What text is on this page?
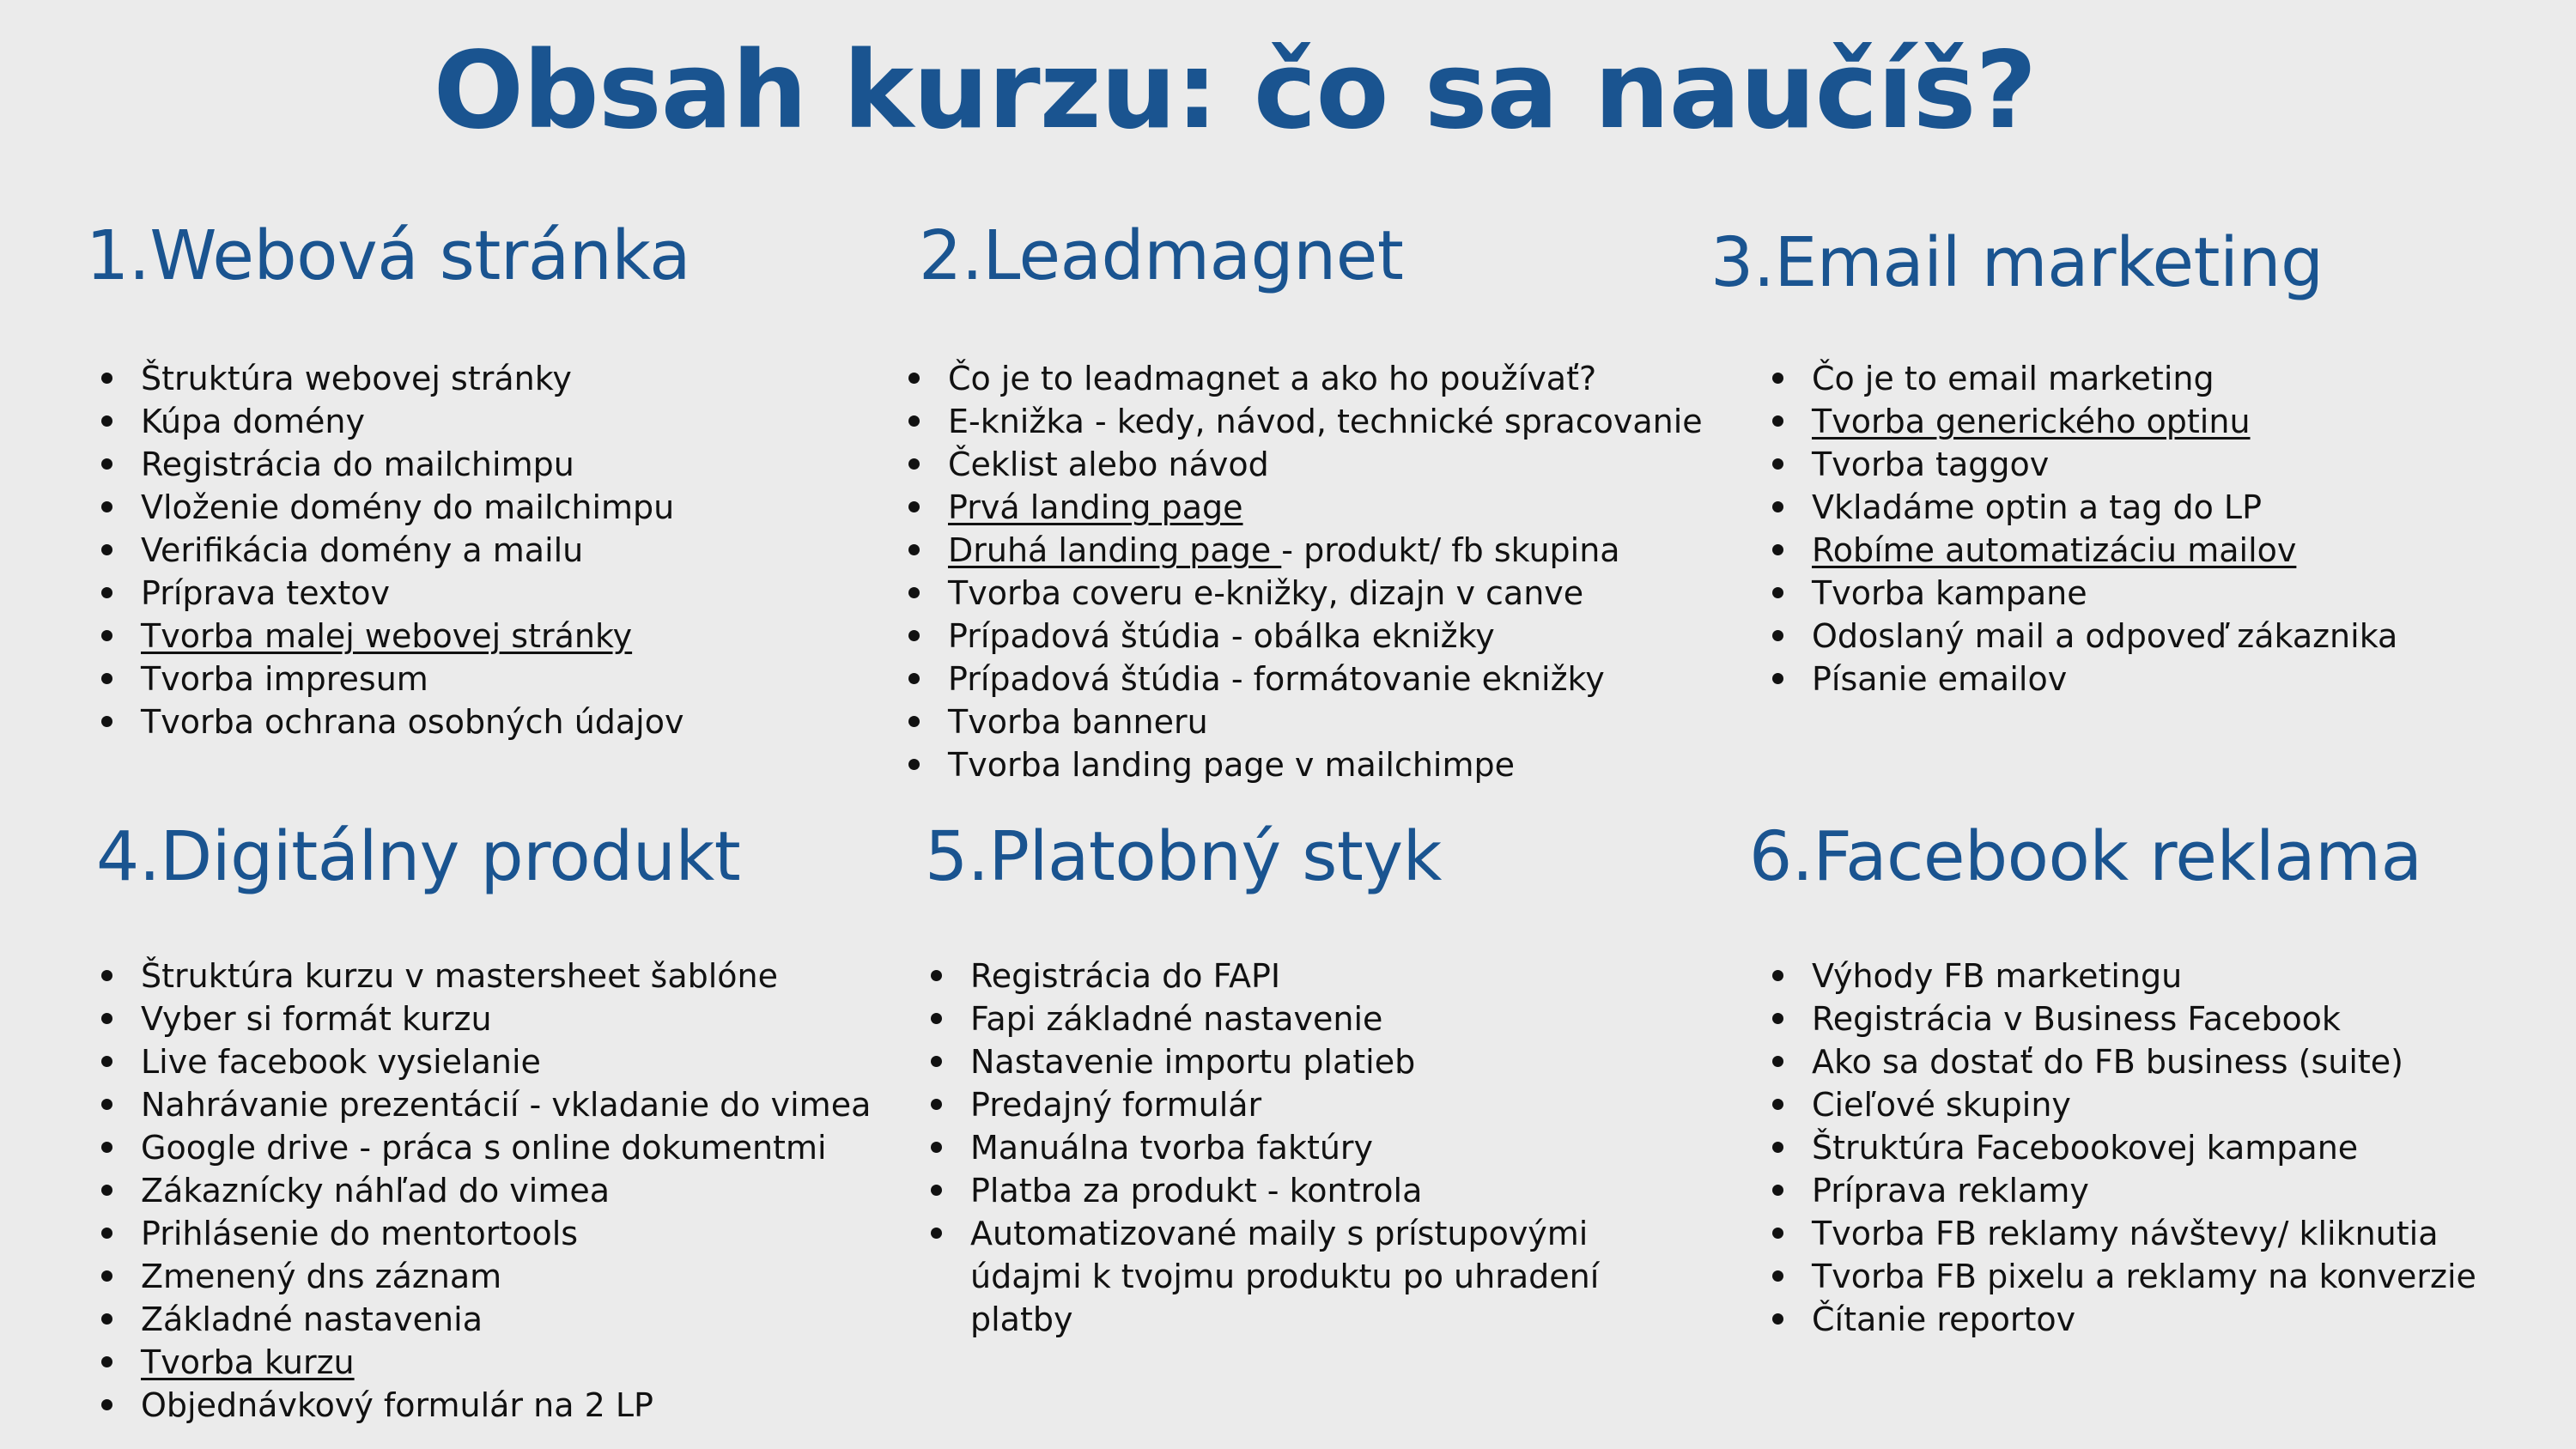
Obsah kurzu: čo sa naučíš?
1.Webová stránka
Štruktúra webovej stránky
Kúpa domény
Registrácia do mailchimpu
Vloženie domény do mailchimpu
Verifikácia domény a mailu
Príprava textov
Tvorba malej webovej stránky
Tvorba impresum
Tvorba ochrana osobných údajov
2.Leadmagnet
Čo je to leadmagnet a ako ho používať?
E-knižka - kedy, návod, technické spracovanie
Čeklist alebo návod
Prvá landing page
Druhá landing page - produkt/ fb skupina
Tvorba coveru e-knižky, dizajn v canve
Prípadová štúdia - obálka eknižky
Prípadová štúdia - formátovanie eknižky
Tvorba banneru
Tvorba landing page v mailchimpe
3.Email marketing
Čo je to email marketing
Tvorba generického optinu
Tvorba taggov
Vkladáme optin a tag do LP
Robíme automatizáciu mailov
Tvorba kampane
Odoslaný mail a odpoveď zákaznika
Písanie emailov
4.Digitálny produkt
Štruktúra kurzu v mastersheet šablóne
Vyber si formát kurzu
Live facebook vysielanie
Nahrávanie prezentácií - vkladanie do vimea
Google drive - práca s online dokumentmi
Zákaznícky náhľad do vimea
Prihlásenie do mentortools
Zmenený dns záznam
Základné nastavenia
Tvorba kurzu
Objednávkový formulár na 2 LP
5.Platobný styk
Registrácia do FAPI
Fapi základné nastavenie
Nastavenie importu platieb
Predajný formulár
Manuálna tvorba faktúry
Platba za produkt - kontrola
Automatizované maily s prístupovými údajmi k tvojmu produktu po uhradení platby
6.Facebook reklama
Výhody FB marketingu
Registrácia v Business Facebook
Ako sa dostať do FB business (suite)
Cieľové skupiny
Štruktúra Facebookovej kampane
Príprava reklamy
Tvorba FB reklamy návštevy/ kliknutia
Tvorba FB pixelu a reklamy na konverzie
Čítanie reportov
